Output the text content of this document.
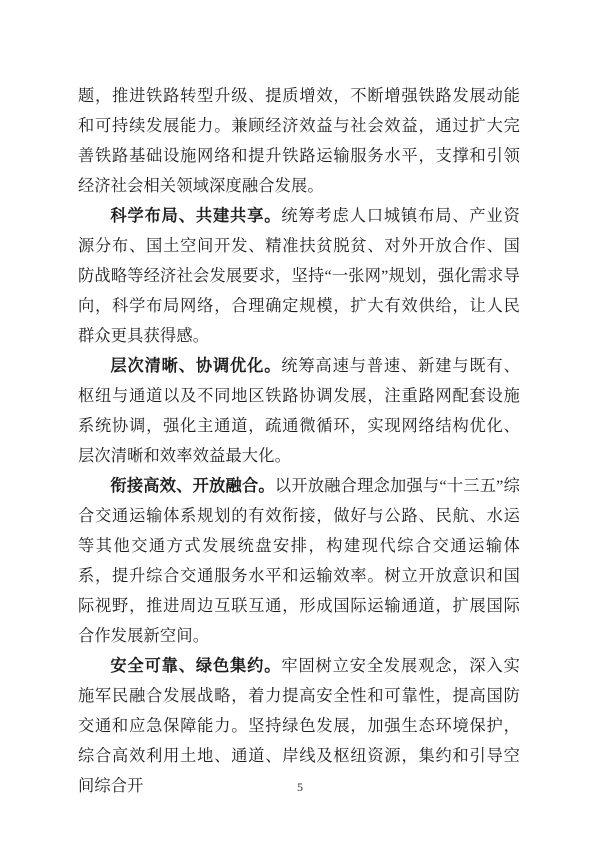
题，推进铁路转型升级、提质增效，不断增强铁路发展动能和可持续发展能力。兼顾经济效益与社会效益，通过扩大完善铁路基础设施网络和提升铁路运输服务水平，支撑和引领经济社会相关领域深度融合发展。

科学布局、共建共享。统筹考虑人口城镇布局、产业资源分布、国土空间开发、精准扶贫脱贫、对外开放合作、国防战略等经济社会发展要求，坚持“一张网”规划，强化需求导向，科学布局网络，合理确定规模，扩大有效供给，让人民群众更具获得感。

层次清晰、协调优化。统筹高速与普速、新建与既有、枢纽与通道以及不同地区铁路协调发展，注重路网配套设施系统协调，强化主通道，疏通微循环，实现网络结构优化、层次清晰和效率效益最大化。

衔接高效、开放融合。以开放融合理念加强与“十三五”综合交通运输体系规划的有效衔接，做好与公路、民航、水运等其他交通方式发展统盘安排，构建现代综合交通运输体系，提升综合交通服务水平和运输效率。树立开放意识和国际视野，推进周边互联互通，形成国际运输通道，扩展国际合作发展新空间。

安全可靠、绿色集约。牢固树立安全发展观念，深入实施军民融合发展战略，着力提高安全性和可靠性，提高国防交通和应急保障能力。坚持绿色发展，加强生态环境保护，综合高效利用土地、通道、岸线及枢纽资源，集约和引导空间综合开	5
